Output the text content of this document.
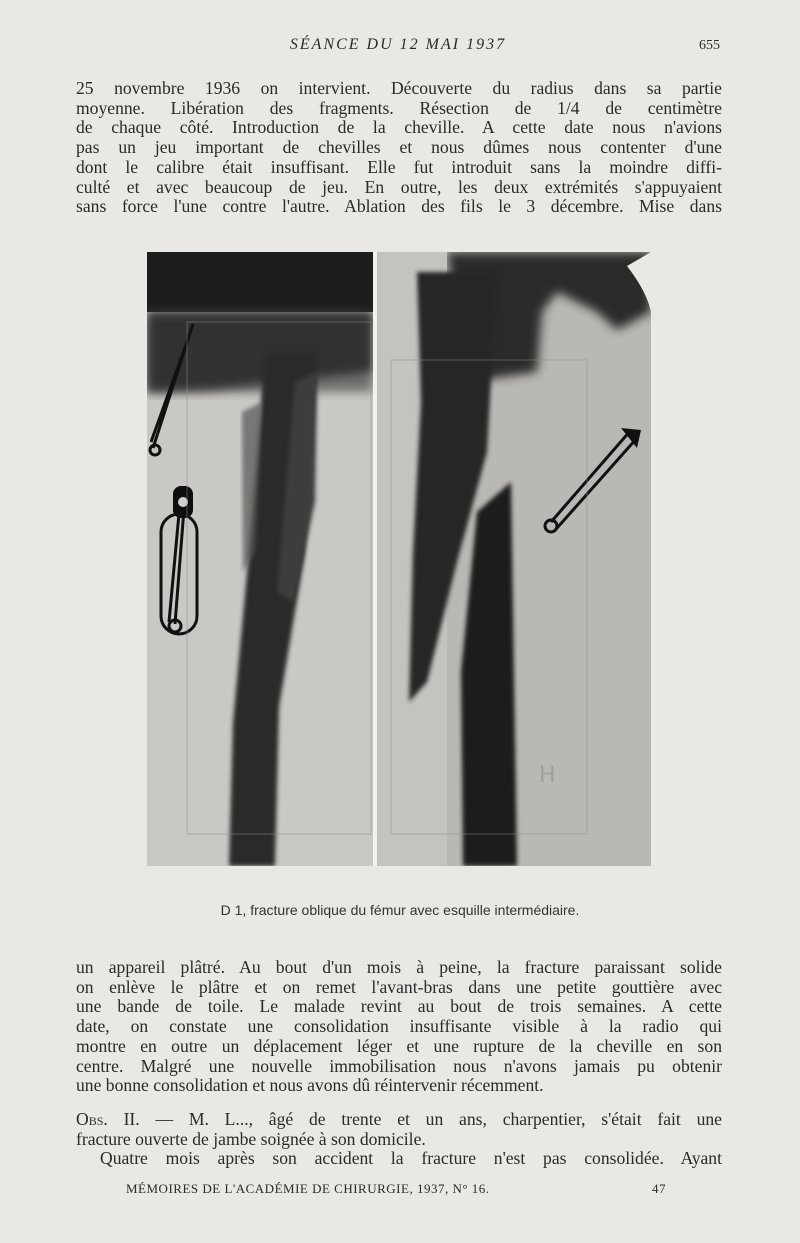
SÉANCE DU 12 MAI 1937	655
25 novembre 1936 on intervient. Découverte du radius dans sa partie
moyenne. Libération des fragments. Résection de 1/4 de centimètre
de chaque côté. Introduction de la cheville. A cette date nous n'avions
pas un jeu important de chevilles et nous dûmes nous contenter d'une
dont le calibre était insuffisant. Elle fut introduit sans la moindre diffi-
culté et avec beaucoup de jeu. En outre, les deux extrémités s'appuyaient
sans force l'une contre l'autre. Ablation des fils le 3 décembre. Mise dans
H
D 1, fracture oblique du fémur avec esquille intermédiaire.
un appareil plâtré. Au bout d'un mois à peine, la fracture paraissant solide
on enlève le plâtre et on remet l'avant-bras dans une petite gouttière avec
une bande de toile. Le malade revint au bout de trois semaines. A cette
date, on constate une consolidation insuffisante visible à la radio qui
montre en outre un déplacement léger et une rupture de la cheville en son
centre. Malgré une nouvelle immobilisation nous n'avons jamais pu obtenir
une bonne consolidation et nous avons dû réintervenir récemment.
Obs. II. — M. L..., âgé de trente et un ans, charpentier, s'était fait une
fracture ouverte de jambe soignée à son domicile.
Quatre mois après son accident la fracture n'est pas consolidée. Ayant
MÉMOIRES DE L'ACADÉMIE DE CHIRURGIE, 1937, N° 16.	47
